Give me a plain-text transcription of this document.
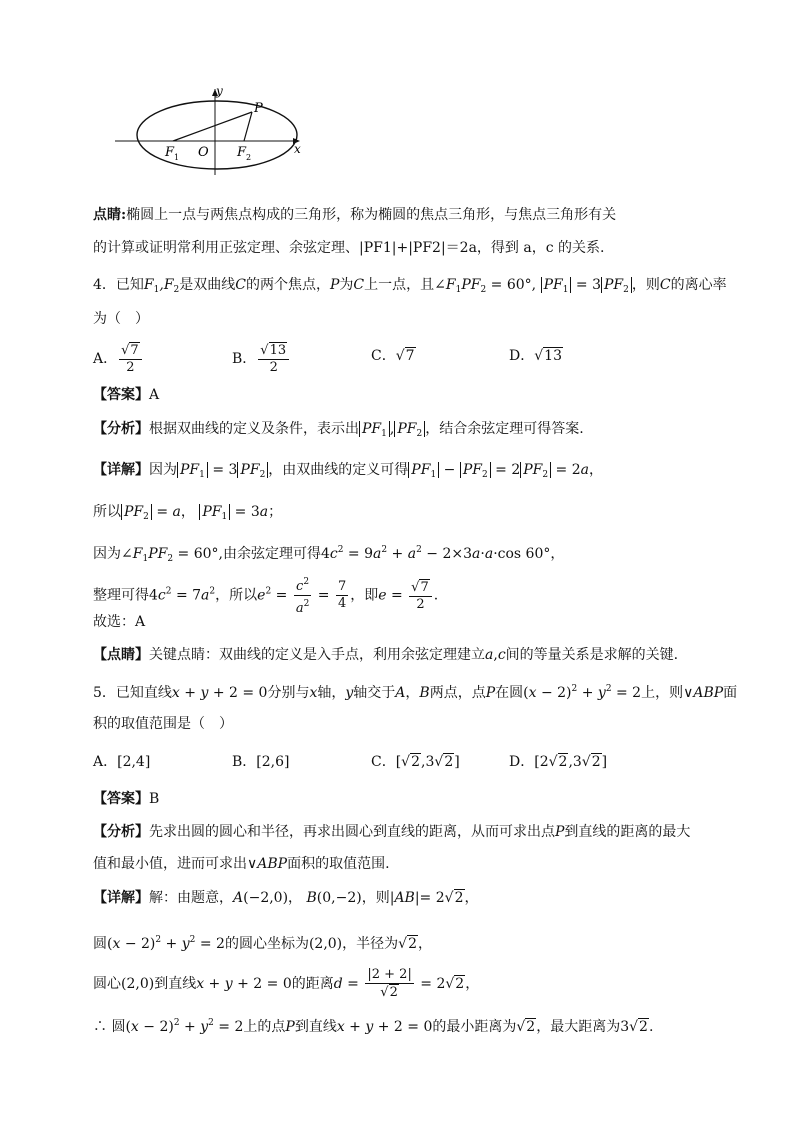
y
x
P
F 1 O F 2
点睛:椭圆上一点与两焦点构成的三角形，称为椭圆的焦点三角形，与焦点三角形有关
的计算或证明常利用正弦定理、余弦定理、|PF1|+|PF2|＝2a，得到 a，c 的关系.
4．已知$F_1,F_2$是双曲线C的两个焦点，P为C上一点，且$\angle F_1PF_2 = 60^\circ$, $PF_1 = 3$ $PF_2$ ，则C的离心率
为（　）
A． $\frac{√7}{2}$	B． $\frac{√13}{2}$	C．√7	D．√13
【答案】A
【分析】根据双曲线的定义及条件，表示出 $PF_1$ , $PF_2$ ，结合余弦定理可得答案.
【详解】因为 $PF_1 = 3$ $PF_2$ ，由双曲线的定义可得 $PF_1 - PF_2 = 2$ $PF_2 = 2a$，
所以 $PF_2 = a$， $PF_1 = 3a$；
因为$\angle F_1PF_2 = 60^\circ$,由余弦定理可得$4c^2 = 9a^2 + a^2 - 2\times 3a\cdot a\cdot\cos$ 60°，
整理可得$4c^2 = 7a^2$，所以$e^2 = \frac{c^2}{a^2} = \frac{7}{4}$ ，即$e = \frac{√7}{2}$ .
故选：A
【点睛】关键点睛：双曲线的定义是入手点，利用余弦定理建立a,c间的等量关系是求解的关键.
5．已知直线x + y + 2 = 0分别与x轴，y轴交于A，B两点，点P在圆$(x - 2)^2 + y^2 = 2$上，则∨ABP面
积的取值范围是（　）
A．[2,4]	B．[2,6]	C．[√2,3√2]	D．[2√2,3√2]
【答案】B
【分析】先求出圆的圆心和半径，再求出圆心到直线的距离，从而可求出点P到直线的距离的最大
值和最小值，进而可求出∨ABP面积的取值范围.
【详解】解：由题意，A(−2,0)， B(0,−2)，则|AB|= 2√2，
圆$(x - 2)^2 + y^2 = 2$的圆心坐标为(2,0)，半径为√2，
圆心(2,0)到直线x + y + 2 = 0的距离$d = \frac{|2 + 2|}{√2} = 2√2$，
∴ 圆$(x - 2)^2 + y^2 = 2$上的点P到直线x + y + 2 = 0的最小距离为√2，最大距离为3√2.
